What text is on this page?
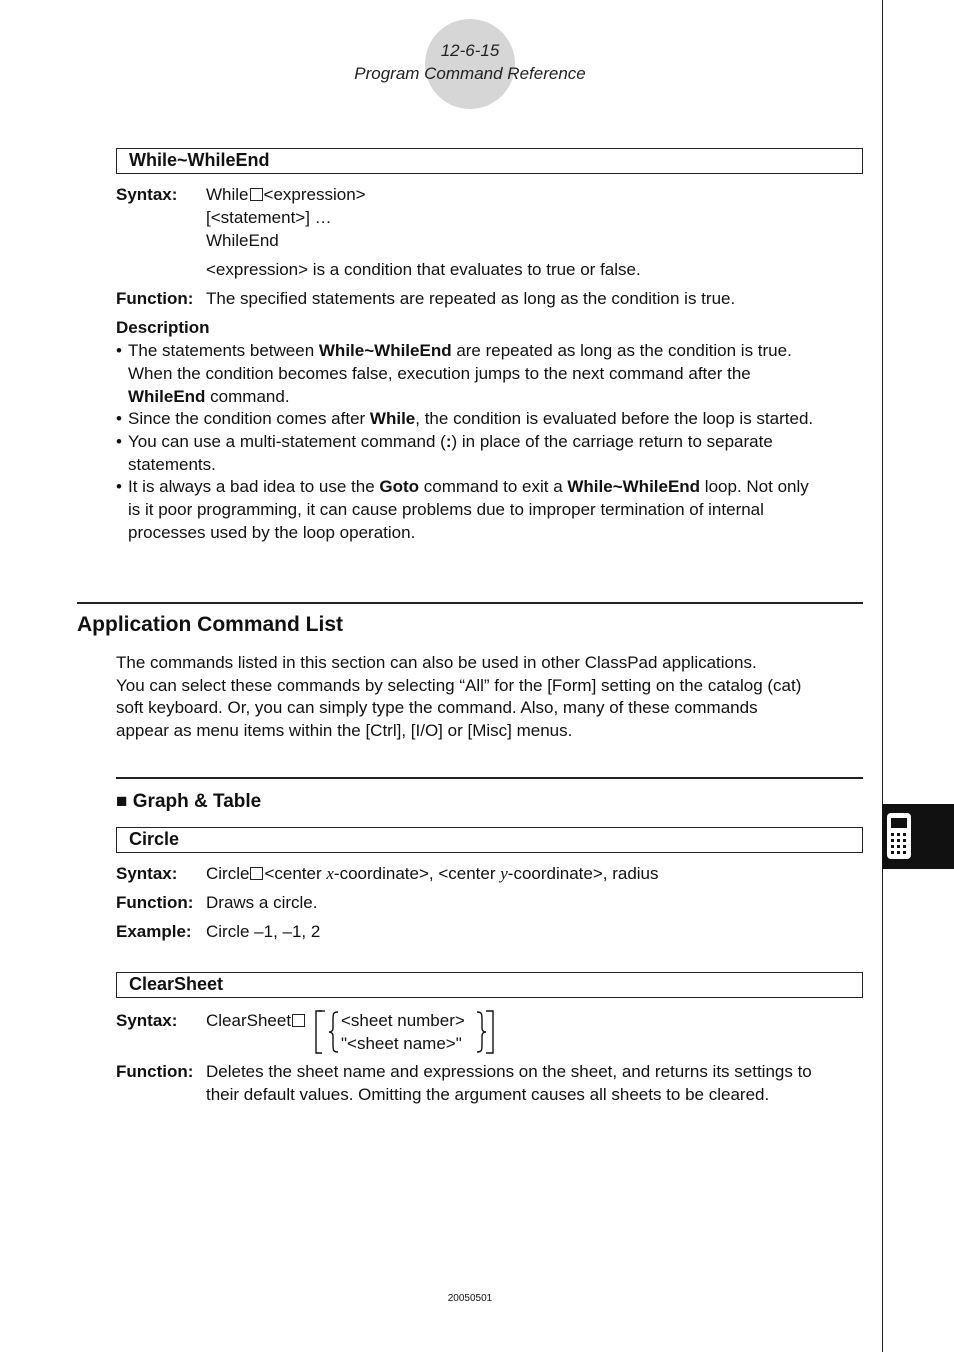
12-6-15
Program Command Reference
While~WhileEnd
Syntax: While <expression>
[<statement>] …
WhileEnd
<expression> is a condition that evaluates to true or false.
Function: The specified statements are repeated as long as the condition is true.
Description
• The statements between While~WhileEnd are repeated as long as the condition is true.
When the condition becomes false, execution jumps to the next command after the
WhileEnd command.
• Since the condition comes after While, the condition is evaluated before the loop is started.
• You can use a multi-statement command (:) in place of the carriage return to separate
statements.
• It is always a bad idea to use the Goto command to exit a While~WhileEnd loop. Not only
is it poor programming, it can cause problems due to improper termination of internal
processes used by the loop operation.
Application Command List
The commands listed in this section can also be used in other ClassPad applications.
You can select these commands by selecting “All” for the [Form] setting on the catalog (cat)
soft keyboard. Or, you can simply type the command. Also, many of these commands
appear as menu items within the [Ctrl], [I/O] or [Misc] menus.
■ Graph & Table
Circle
Syntax: Circle <center x-coordinate>, <center y-coordinate>, radius
Function: Draws a circle.
Example: Circle –1, –1, 2
ClearSheet
Syntax: ClearSheet	<sheet number>
"<sheet name>"
Function: Deletes the sheet name and expressions on the sheet, and returns its settings to
their default values. Omitting the argument causes all sheets to be cleared.
20050501
